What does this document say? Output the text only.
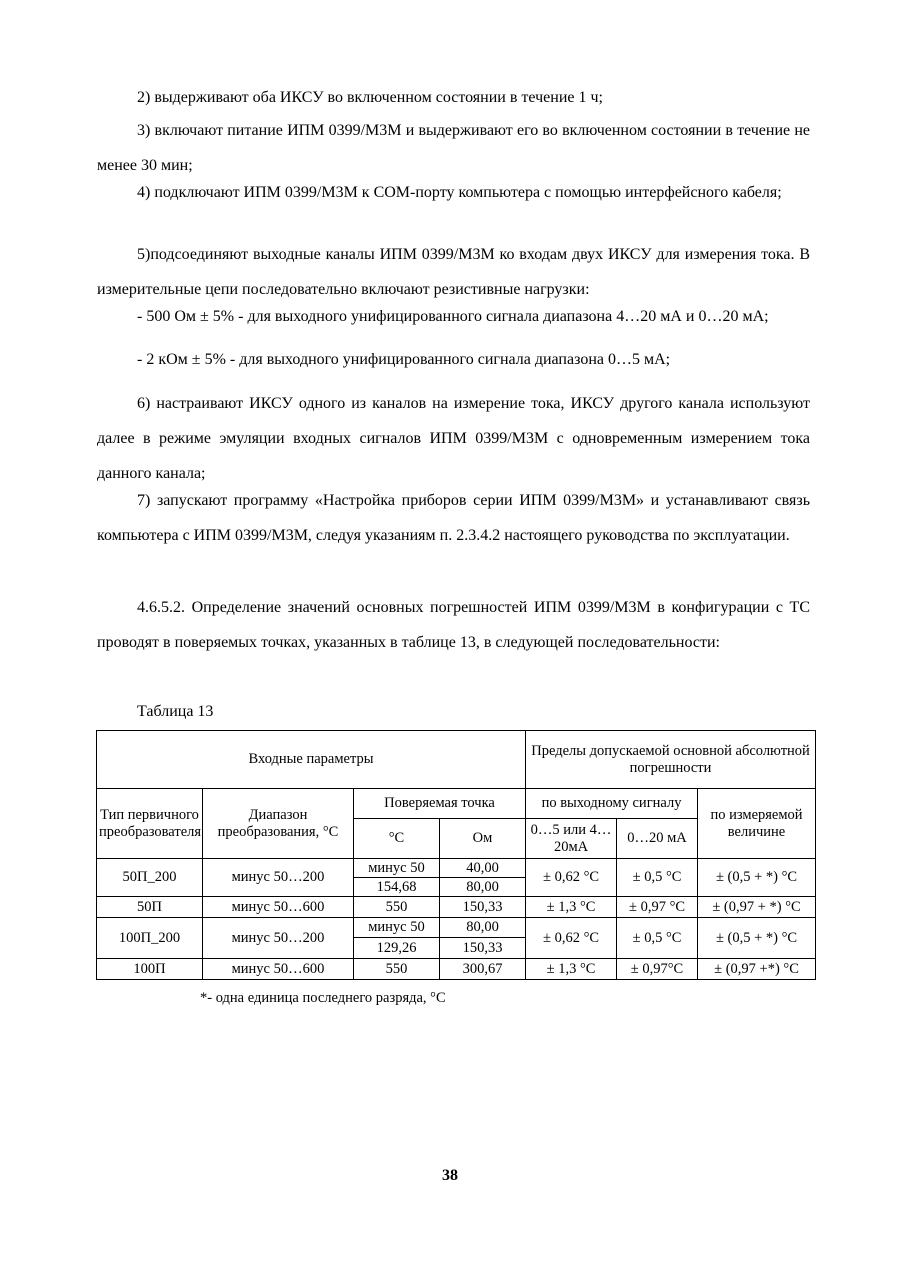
2) выдерживают оба ИКСУ во включенном состоянии в течение 1 ч;

3) включают питание ИПМ 0399/М3М и выдерживают его во включенном состоянии в течение не менее 30 мин;

4) подключают ИПМ 0399/М3М к COM-порту компьютера с помощью интерфейсного кабеля;

5)подсоединяют выходные каналы ИПМ 0399/М3М ко входам двух ИКСУ для измерения тока. В измерительные цепи последовательно включают резистивные нагрузки:

- 500 Ом ± 5% - для выходного унифицированного сигнала диапазона 4…20 мА и 0…20 мА;

- 2 кОм ± 5% - для выходного унифицированного сигнала диапазона 0…5 мА;

6) настраивают ИКСУ одного из каналов на измерение тока, ИКСУ другого канала используют далее в режиме эмуляции входных сигналов ИПМ 0399/М3М с одновременным измерением тока данного канала;

7) запускают программу «Настройка приборов серии ИПМ 0399/М3М» и устанавливают связь компьютера с ИПМ 0399/М3М, следуя указаниям п. 2.3.4.2 настоящего руководства по эксплуатации.

4.6.5.2. Определение значений основных погрешностей ИПМ 0399/М3М в конфигурации с ТС проводят в поверяемых точках, указанных в таблице 13, в следующей последовательности:

Таблица 13
Входные параметры				Пределы допускаемой основной абсолютной погрешности		
Тип первичного преобразователя	Диапазон преобразования, °С	Поверяемая точка		по выходному сигналу		по измеряемой величине
		°С	Ом	0…5 или 4…20мА	0…20 мА	
50П_200	минус 50…200	минус 50	40,00	± 0,62 °С	± 0,5 °С	± (0,5 + *) °С
		154,68	80,00			
50П	минус 50…600	550	150,33	± 1,3 °С	± 0,97 °С	± (0,97 + *) °С
100П_200	минус 50…200	минус 50	80,00	± 0,62 °С	± 0,5 °С	± (0,5 + *) °С
		129,26	150,33			
100П	минус 50…600	550	300,67	± 1,3 °С	± 0,97°С	± (0,97 +*) °С
*- одна единица последнего разряда, °С
38
